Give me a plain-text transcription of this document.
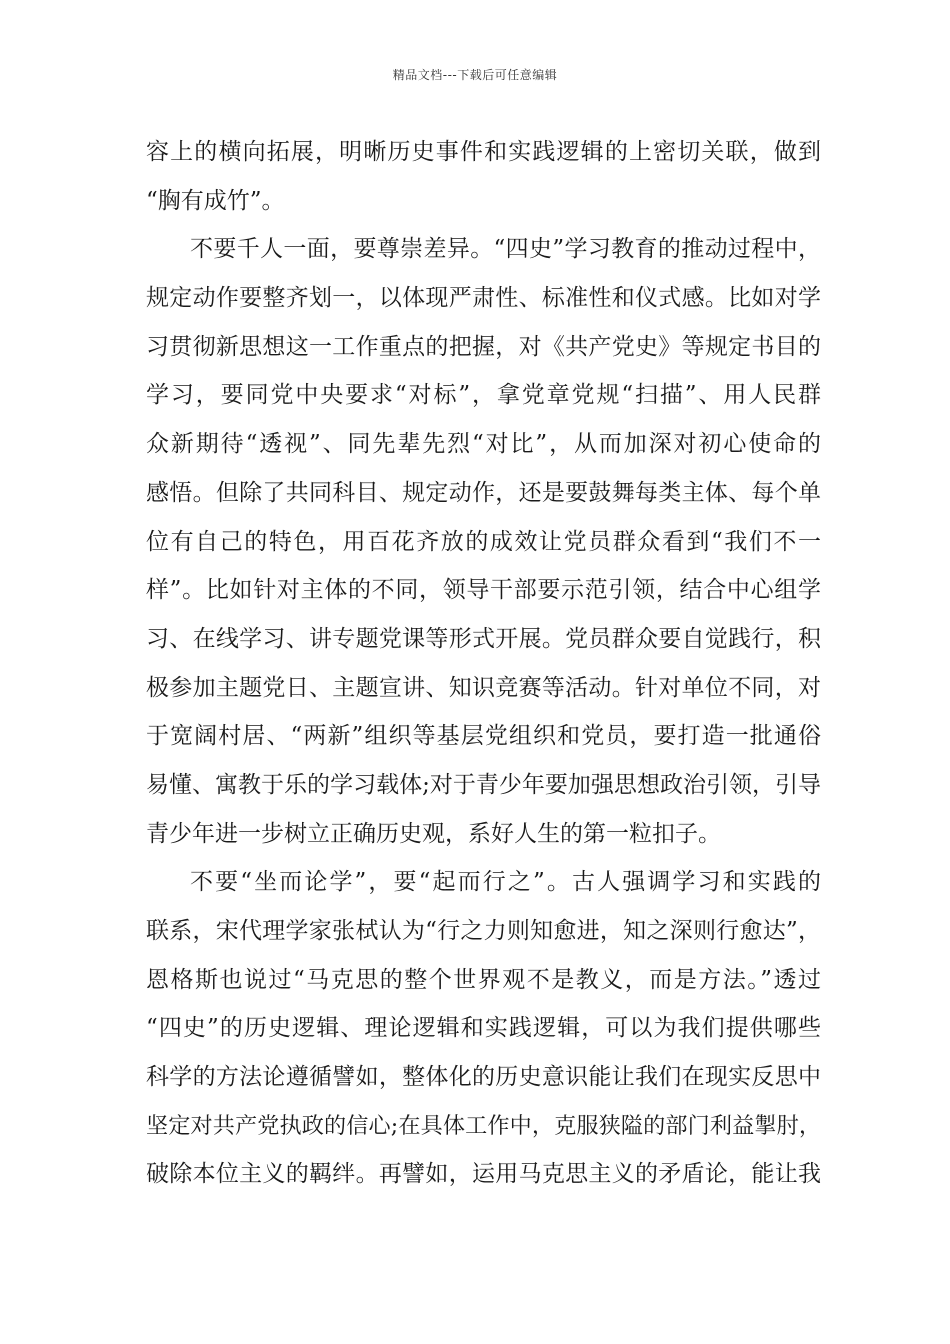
精品文档---下载后可任意编辑
容上的横向拓展，明晰历史事件和实践逻辑的上密切关联，做到
“胸有成竹”。
不要千人一面，要尊崇差异。“四史”学习教育的推动过程中，
规定动作要整齐划一，以体现严肃性、标准性和仪式感。比如对学
习贯彻新思想这一工作重点的把握，对《共产党史》等规定书目的
学习，要同党中央要求“对标”，拿党章党规“扫描”、用人民群
众新期待“透视”、同先辈先烈“对比”，从而加深对初心使命的
感悟。但除了共同科目、规定动作，还是要鼓舞每类主体、每个单
位有自己的特色，用百花齐放的成效让党员群众看到“我们不一
样”。比如针对主体的不同，领导干部要示范引领，结合中心组学
习、在线学习、讲专题党课等形式开展。党员群众要自觉践行，积
极参加主题党日、主题宣讲、知识竞赛等活动。针对单位不同，对
于宽阔村居、“两新”组织等基层党组织和党员，要打造一批通俗
易懂、寓教于乐的学习载体;对于青少年要加强思想政治引领，引导
青少年进一步树立正确历史观，系好人生的第一粒扣子。
不要“坐而论学”，要“起而行之”。古人强调学习和实践的
联系，宋代理学家张栻认为“行之力则知愈进，知之深则行愈达”，
恩格斯也说过“马克思的整个世界观不是教义，而是方法。”透过
“四史”的历史逻辑、理论逻辑和实践逻辑，可以为我们提供哪些
科学的方法论遵循譬如，整体化的历史意识能让我们在现实反思中
坚定对共产党执政的信心;在具体工作中，克服狭隘的部门利益掣肘，
破除本位主义的羁绊。再譬如，运用马克思主义的矛盾论，能让我
